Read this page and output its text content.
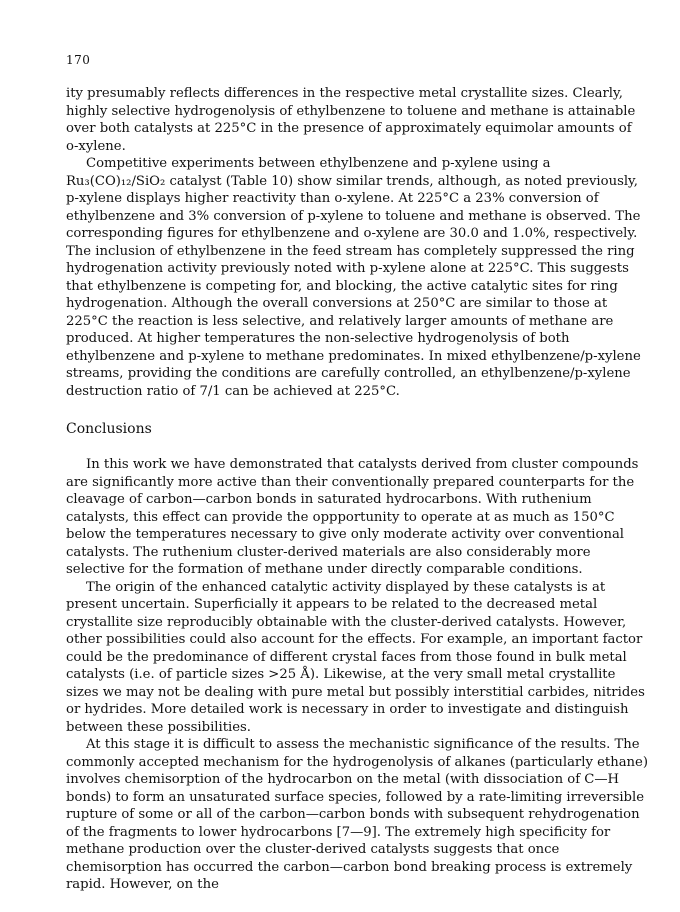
170

ity presumably reflects differences in the respective metal crystallite sizes. Clearly, highly selective hydrogenolysis of ethylbenzene to toluene and methane is attainable over both catalysts at 225°C in the presence of approximately equimolar amounts of o-xylene.

Competitive experiments between ethylbenzene and p-xylene using a Ru₃(CO)₁₂/SiO₂ catalyst (Table 10) show similar trends, although, as noted previously, p-xylene displays higher reactivity than o-xylene. At 225°C a 23% conversion of ethylbenzene and 3% conversion of p-xylene to toluene and methane is observed. The corresponding figures for ethylbenzene and o-xylene are 30.0 and 1.0%, respectively. The inclusion of ethylbenzene in the feed stream has completely suppressed the ring hydrogenation activity previously noted with p-xylene alone at 225°C. This suggests that ethylbenzene is competing for, and blocking, the active catalytic sites for ring hydrogenation. Although the overall conversions at 250°C are similar to those at 225°C the reaction is less selective, and relatively larger amounts of methane are produced. At higher temperatures the non-selective hydrogenolysis of both ethylbenzene and p-xylene to methane predominates. In mixed ethylbenzene/p-xylene streams, providing the conditions are carefully controlled, an ethylbenzene/p-xylene destruction ratio of 7/1 can be achieved at 225°C.

Conclusions

In this work we have demonstrated that catalysts derived from cluster compounds are significantly more active than their conventionally prepared counterparts for the cleavage of carbon—carbon bonds in saturated hydrocarbons. With ruthenium catalysts, this effect can provide the oppportunity to operate at as much as 150°C below the temperatures necessary to give only moderate activity over conventional catalysts. The ruthenium cluster-derived materials are also considerably more selective for the formation of methane under directly comparable conditions.

The origin of the enhanced catalytic activity displayed by these catalysts is at present uncertain. Superficially it appears to be related to the decreased metal crystallite size reproducibly obtainable with the cluster-derived catalysts. However, other possibilities could also account for the effects. For example, an important factor could be the predominance of different crystal faces from those found in bulk metal catalysts (i.e. of particle sizes >25 Å). Likewise, at the very small metal crystallite sizes we may not be dealing with pure metal but possibly interstitial carbides, nitrides or hydrides. More detailed work is necessary in order to investigate and distinguish between these possibilities.

At this stage it is difficult to assess the mechanistic significance of the results. The commonly accepted mechanism for the hydrogenolysis of alkanes (particularly ethane) involves chemisorption of the hydrocarbon on the metal (with dissociation of C—H bonds) to form an unsaturated surface species, followed by a rate-limiting irreversible rupture of some or all of the carbon—carbon bonds with subsequent rehydrogenation of the fragments to lower hydrocarbons [7—9]. The extremely high specificity for methane production over the cluster-derived catalysts suggests that once chemisorption has occurred the carbon—carbon bond breaking process is extremely rapid. However, on the
